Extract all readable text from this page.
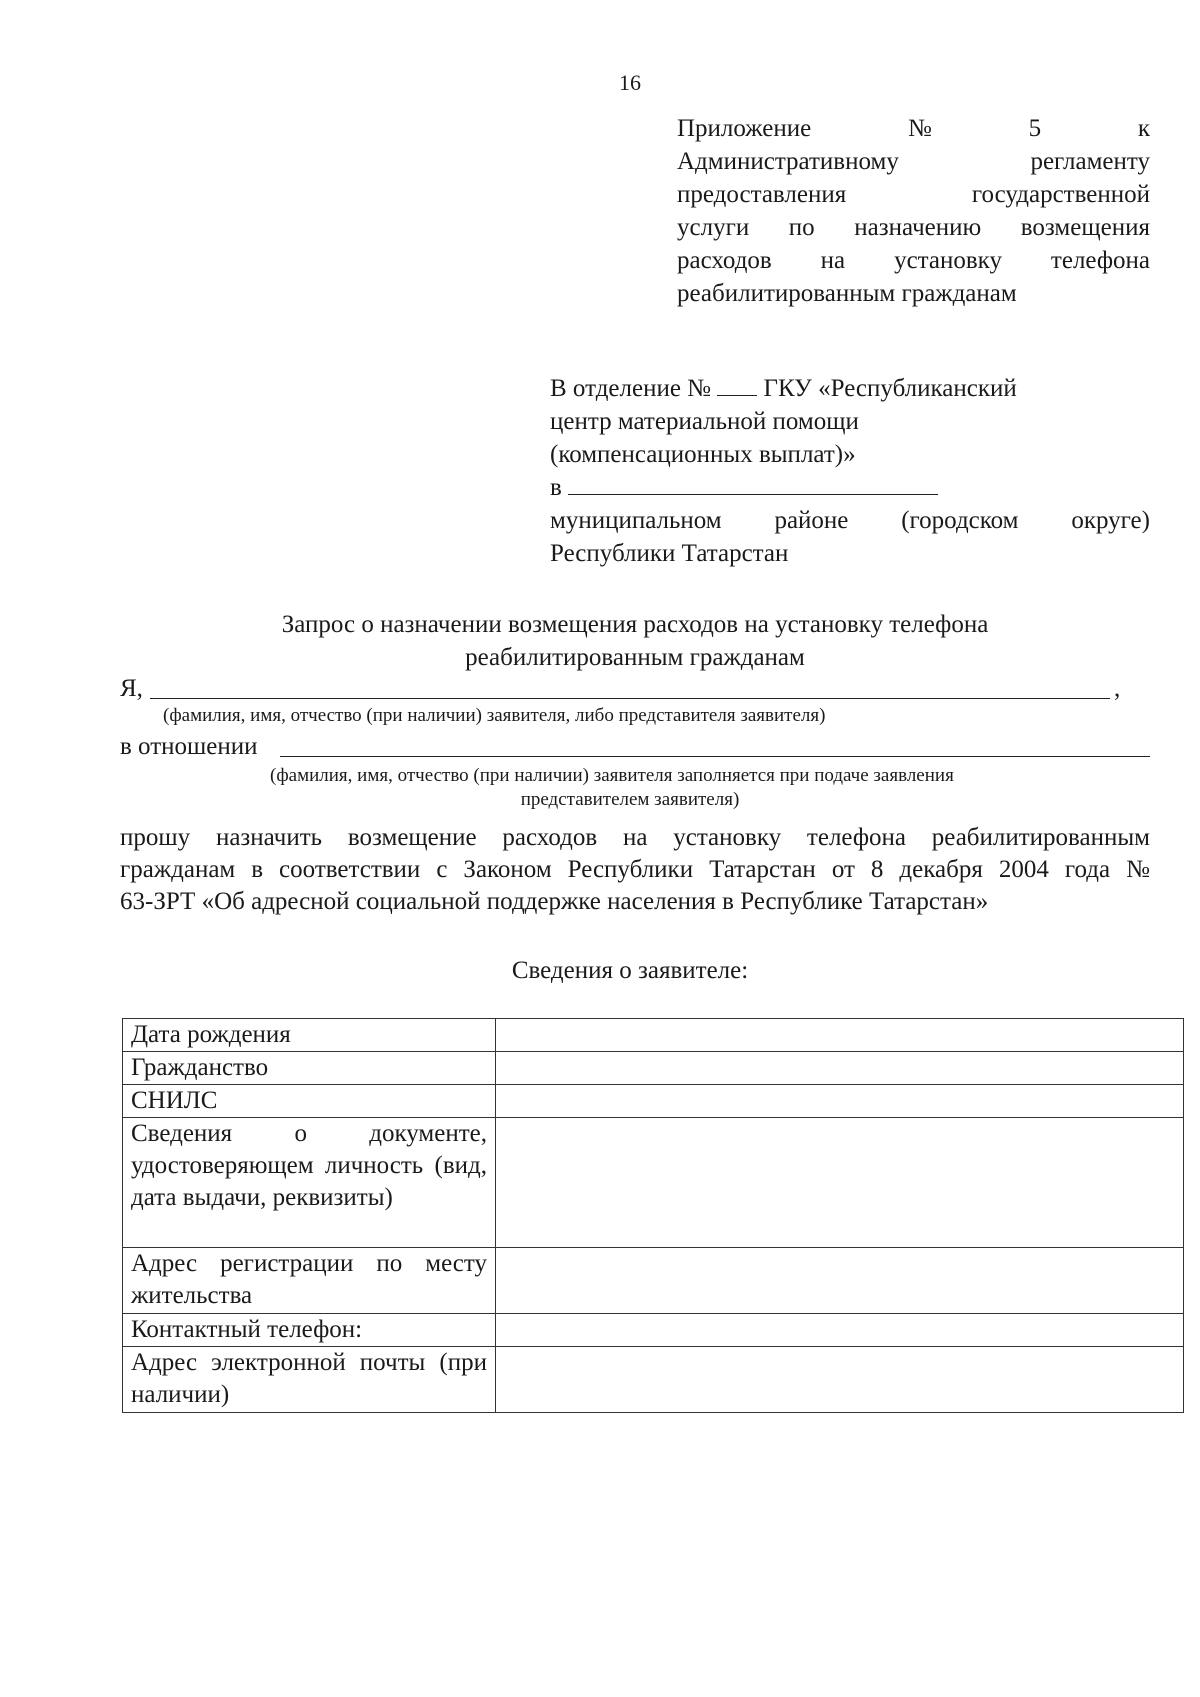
16
Приложение	№	5	к
Административному	регламенту
предоставления	государственной
услуги по назначению возмещения
расходов на установку телефона
реабилитированным гражданам
В отделение № ГКУ «Республиканский
центр материальной помощи
(компенсационных выплат)»
в
муниципальном районе (городском округе)
Республики Татарстан
Запрос о назначении возмещения расходов на установку телефона
реабилитированным гражданам
Я,	,
(фамилия, имя, отчество (при наличии) заявителя, либо представителя заявителя)
в отношении
(фамилия, имя, отчество (при наличии) заявителя заполняется при подаче заявления
представителем заявителя)
прошу назначить возмещение расходов на установку телефона реабилитированным
гражданам в соответствии с Законом Республики Татарстан от 8 декабря 2004 года №
63-ЗРТ «Об адресной социальной поддержке населения в Республике Татарстан»
Сведения о заявителе:
Дата рождения	
Гражданство	
СНИЛС	
Сведения о документе, удостоверяющем личность (вид, дата выдачи, реквизиты)	
Адрес регистрации по месту жительства	
Контактный телефон:	
Адрес электронной почты (при наличии)	
